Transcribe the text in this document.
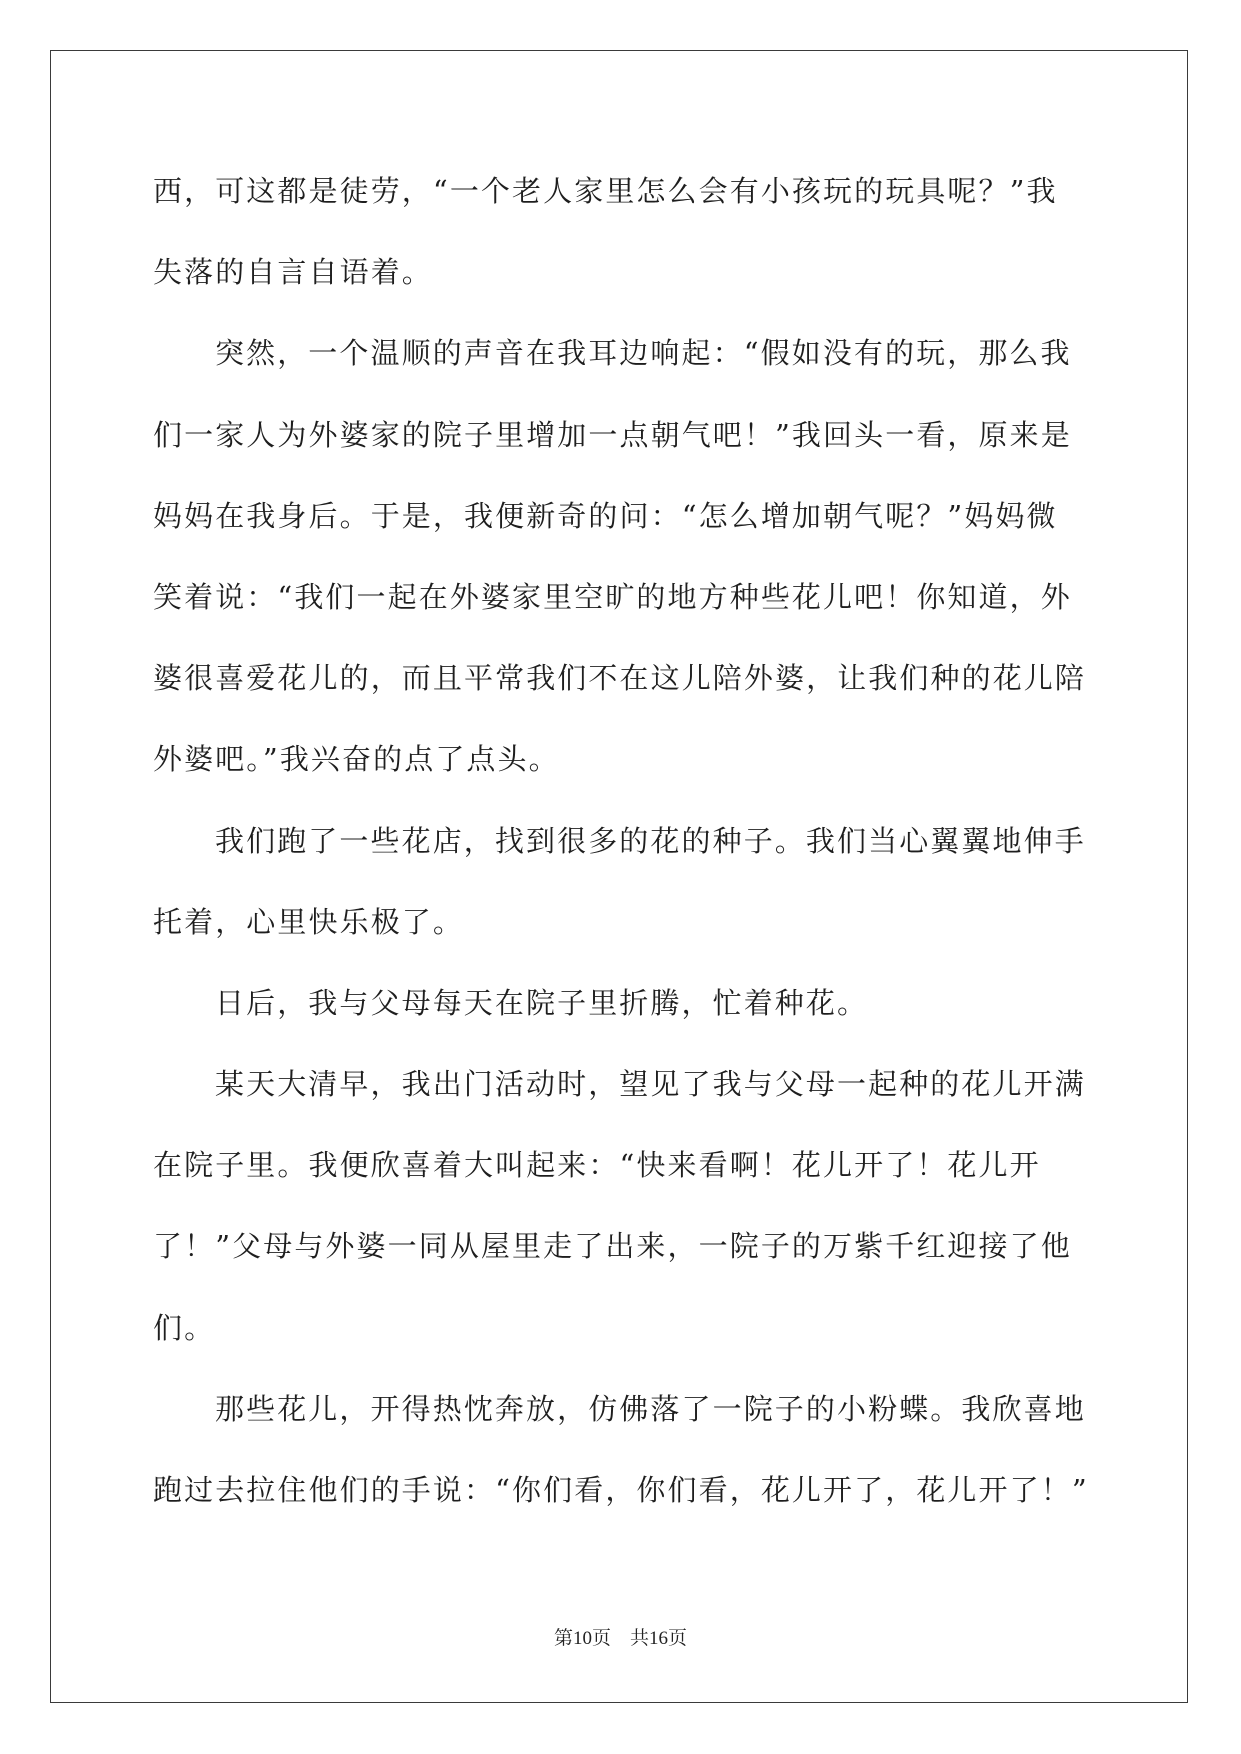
西，可这都是徒劳，“一个老人家里怎么会有小孩玩的玩具呢？”我
失落的自言自语着。
突然，一个温顺的声音在我耳边响起：“假如没有的玩，那么我
们一家人为外婆家的院子里增加一点朝气吧！”我回头一看，原来是
妈妈在我身后。于是，我便新奇的问：“怎么增加朝气呢？”妈妈微
笑着说：“我们一起在外婆家里空旷的地方种些花儿吧！你知道，外
婆很喜爱花儿的，而且平常我们不在这儿陪外婆，让我们种的花儿陪
外婆吧。”我兴奋的点了点头。
我们跑了一些花店，找到很多的花的种子。我们当心翼翼地伸手
托着，心里快乐极了。
日后，我与父母每天在院子里折腾，忙着种花。
某天大清早，我出门活动时，望见了我与父母一起种的花儿开满
在院子里。我便欣喜着大叫起来：“快来看啊！花儿开了！花儿开
了！”父母与外婆一同从屋里走了出来，一院子的万紫千红迎接了他
们。
那些花儿，开得热忱奔放，仿佛落了一院子的小粉蝶。我欣喜地
跑过去拉住他们的手说：“你们看，你们看，花儿开了，花儿开了！”
第10页　共16页
